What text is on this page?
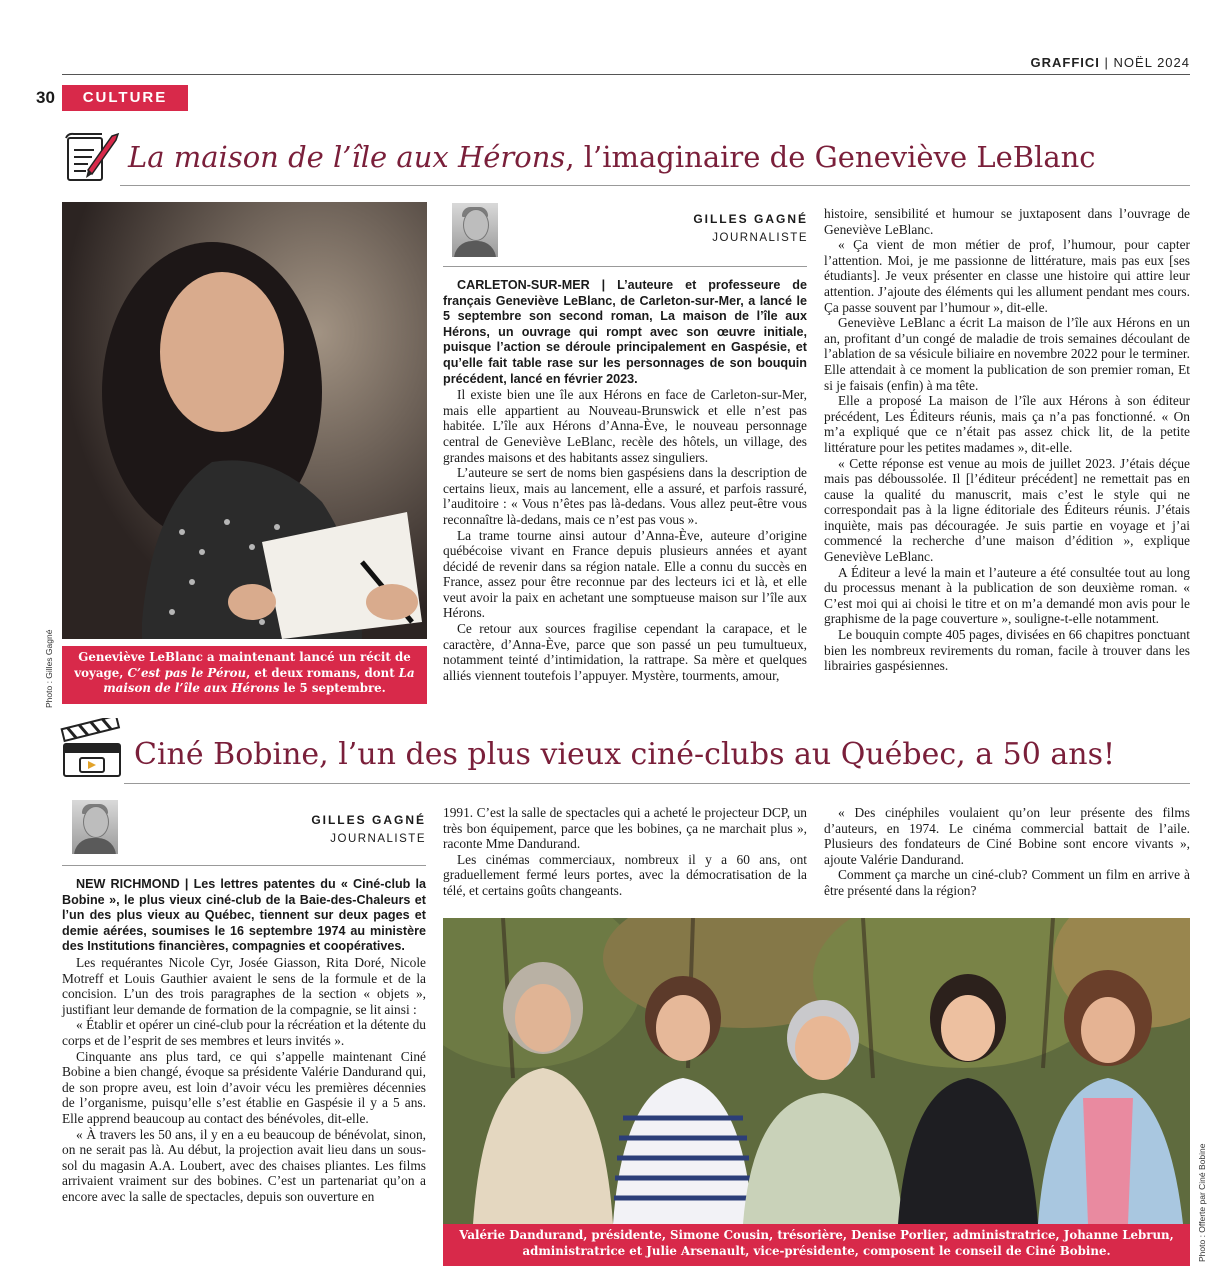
GRAFFICI | NOËL 2024
30	CULTURE
La maison de l’île aux Hérons, l’imaginaire de Geneviève LeBlanc
Photo : Gilles Gagné	Geneviève LeBlanc a maintenant lancé un récit de voyage, C’est pas le Pérou, et deux romans, dont La maison de l’île aux Hérons le 5 septembre.
GILLES GAGNÉ
JOURNALISTE

CARLETON-SUR-MER | L’auteure et professeure de français Geneviève LeBlanc, de Carleton-sur-Mer, a lancé le 5 septembre son second roman, La maison de l’île aux Hérons, un ouvrage qui rompt avec son œuvre initiale, puisque l’action se déroule principalement en Gaspésie, et qu’elle fait table rase sur les personnages de son bouquin précédent, lancé en février 2023.

Il existe bien une île aux Hérons en face de Carleton-sur-Mer, mais elle appartient au Nouveau-Brunswick et elle n’est pas habitée. L’île aux Hérons d’Anna-Ève, le nouveau personnage central de Geneviève LeBlanc, recèle des hôtels, un village, des grandes maisons et des habitants assez singuliers.

L’auteure se sert de noms bien gaspésiens dans la description de certains lieux, mais au lancement, elle a assuré, et parfois rassuré, l’auditoire : « Vous n’êtes pas là-dedans. Vous allez peut-être vous reconnaître là-dedans, mais ce n’est pas vous ».

La trame tourne ainsi autour d’Anna-Ève, auteure d’origine québécoise vivant en France depuis plusieurs années et ayant décidé de revenir dans sa région natale. Elle a connu du succès en France, assez pour être reconnue par des lecteurs ici et là, et elle veut avoir la paix en achetant une somptueuse maison sur l’île aux Hérons.

Ce retour aux sources fragilise cependant la carapace, et le caractère, d’Anna-Ève, parce que son passé un peu tumultueux, notamment teinté d’intimidation, la rattrape. Sa mère et quelques alliés viennent toutefois l’appuyer. Mystère, tourments, amour,

histoire, sensibilité et humour se juxtaposent dans l’ouvrage de Geneviève LeBlanc.

« Ça vient de mon métier de prof, l’humour, pour capter l’attention. Moi, je me passionne de littérature, mais pas eux [ses étudiants]. Je veux présenter en classe une histoire qui attire leur attention. J’ajoute des éléments qui les allument pendant mes cours. Ça passe souvent par l’humour », dit-elle.

Geneviève LeBlanc a écrit La maison de l’île aux Hérons en un an, profitant d’un congé de maladie de trois semaines découlant de l’ablation de sa vésicule biliaire en novembre 2022 pour le terminer. Elle attendait à ce moment la publication de son premier roman, Et si je faisais (enfin) à ma tête.

Elle a proposé La maison de l’île aux Hérons à son éditeur précédent, Les Éditeurs réunis, mais ça n’a pas fonctionné. « On m’a expliqué que ce n’était pas assez chick lit, de la petite littérature pour les petites madames », dit-elle.

« Cette réponse est venue au mois de juillet 2023. J’étais déçue mais pas déboussolée. Il [l’éditeur précédent] ne remettait pas en cause la qualité du manuscrit, mais c’est le style qui ne correspondait pas à la ligne éditoriale des Éditeurs réunis. J’étais inquiète, mais pas découragée. Je suis partie en voyage et j’ai commencé la recherche d’une maison d’édition », explique Geneviève LeBlanc.

A Éditeur a levé la main et l’auteure a été consultée tout au long du processus menant à la publication de son deuxième roman. « C’est moi qui ai choisi le titre et on m’a demandé mon avis pour le graphisme de la page couverture », souligne-t-elle notamment.

Le bouquin compte 405 pages, divisées en 66 chapitres ponctuant bien les nombreux revirements du roman, facile à trouver dans les librairies gaspésiennes.

Ciné Bobine, l’un des plus vieux ciné-clubs au Québec, a 50 ans!
GILLES GAGNÉ
JOURNALISTE

NEW RICHMOND | Les lettres patentes du « Ciné-club la Bobine », le plus vieux ciné-club de la Baie-des-Chaleurs et l’un des plus vieux au Québec, tiennent sur deux pages et demie aérées, soumises le 16 septembre 1974 au ministère des Institutions financières, compagnies et coopératives.

Les requérantes Nicole Cyr, Josée Giasson, Rita Doré, Nicole Motreff et Louis Gauthier avaient le sens de la formule et de la concision. L’un des trois paragraphes de la section « objets », justifiant leur demande de formation de la compagnie, se lit ainsi :

« Établir et opérer un ciné-club pour la récréation et la détente du corps et de l’esprit de ses membres et leurs invités ».

Cinquante ans plus tard, ce qui s’appelle maintenant Ciné Bobine a bien changé, évoque sa présidente Valérie Dandurand qui, de son propre aveu, est loin d’avoir vécu les premières décennies de l’organisme, puisqu’elle s’est établie en Gaspésie il y a 5 ans. Elle apprend beaucoup au contact des bénévoles, dit-elle.

« À travers les 50 ans, il y en a eu beaucoup de bénévolat, sinon, on ne serait pas là. Au début, la projection avait lieu dans un sous-sol du magasin A.A. Loubert, avec des chaises pliantes. Les films arrivaient vraiment sur des bobines. C’est un partenariat qu’on a encore avec la salle de spectacles, depuis son ouverture en

1991. C’est la salle de spectacles qui a acheté le projecteur DCP, un très bon équipement, parce que les bobines, ça ne marchait plus », raconte Mme Dandurand.

Les cinémas commerciaux, nombreux il y a 60 ans, ont graduellement fermé leurs portes, avec la démocratisation de la télé, et certains goûts changeants.

« Des cinéphiles voulaient qu’on leur présente des films d’auteurs, en 1974. Le cinéma commercial battait de l’aile. Plusieurs des fondateurs de Ciné Bobine sont encore vivants », ajoute Valérie Dandurand.

Comment ça marche un ciné-club? Comment un film en arrive à être présenté dans la région?

Valérie Dandurand, présidente, Simone Cousin, trésorière, Denise Porlier, administratrice, Johanne Lebrun, administratrice et Julie Arsenault, vice-présidente, composent le conseil de Ciné Bobine.	Photo : Offerte par Ciné Bobine
